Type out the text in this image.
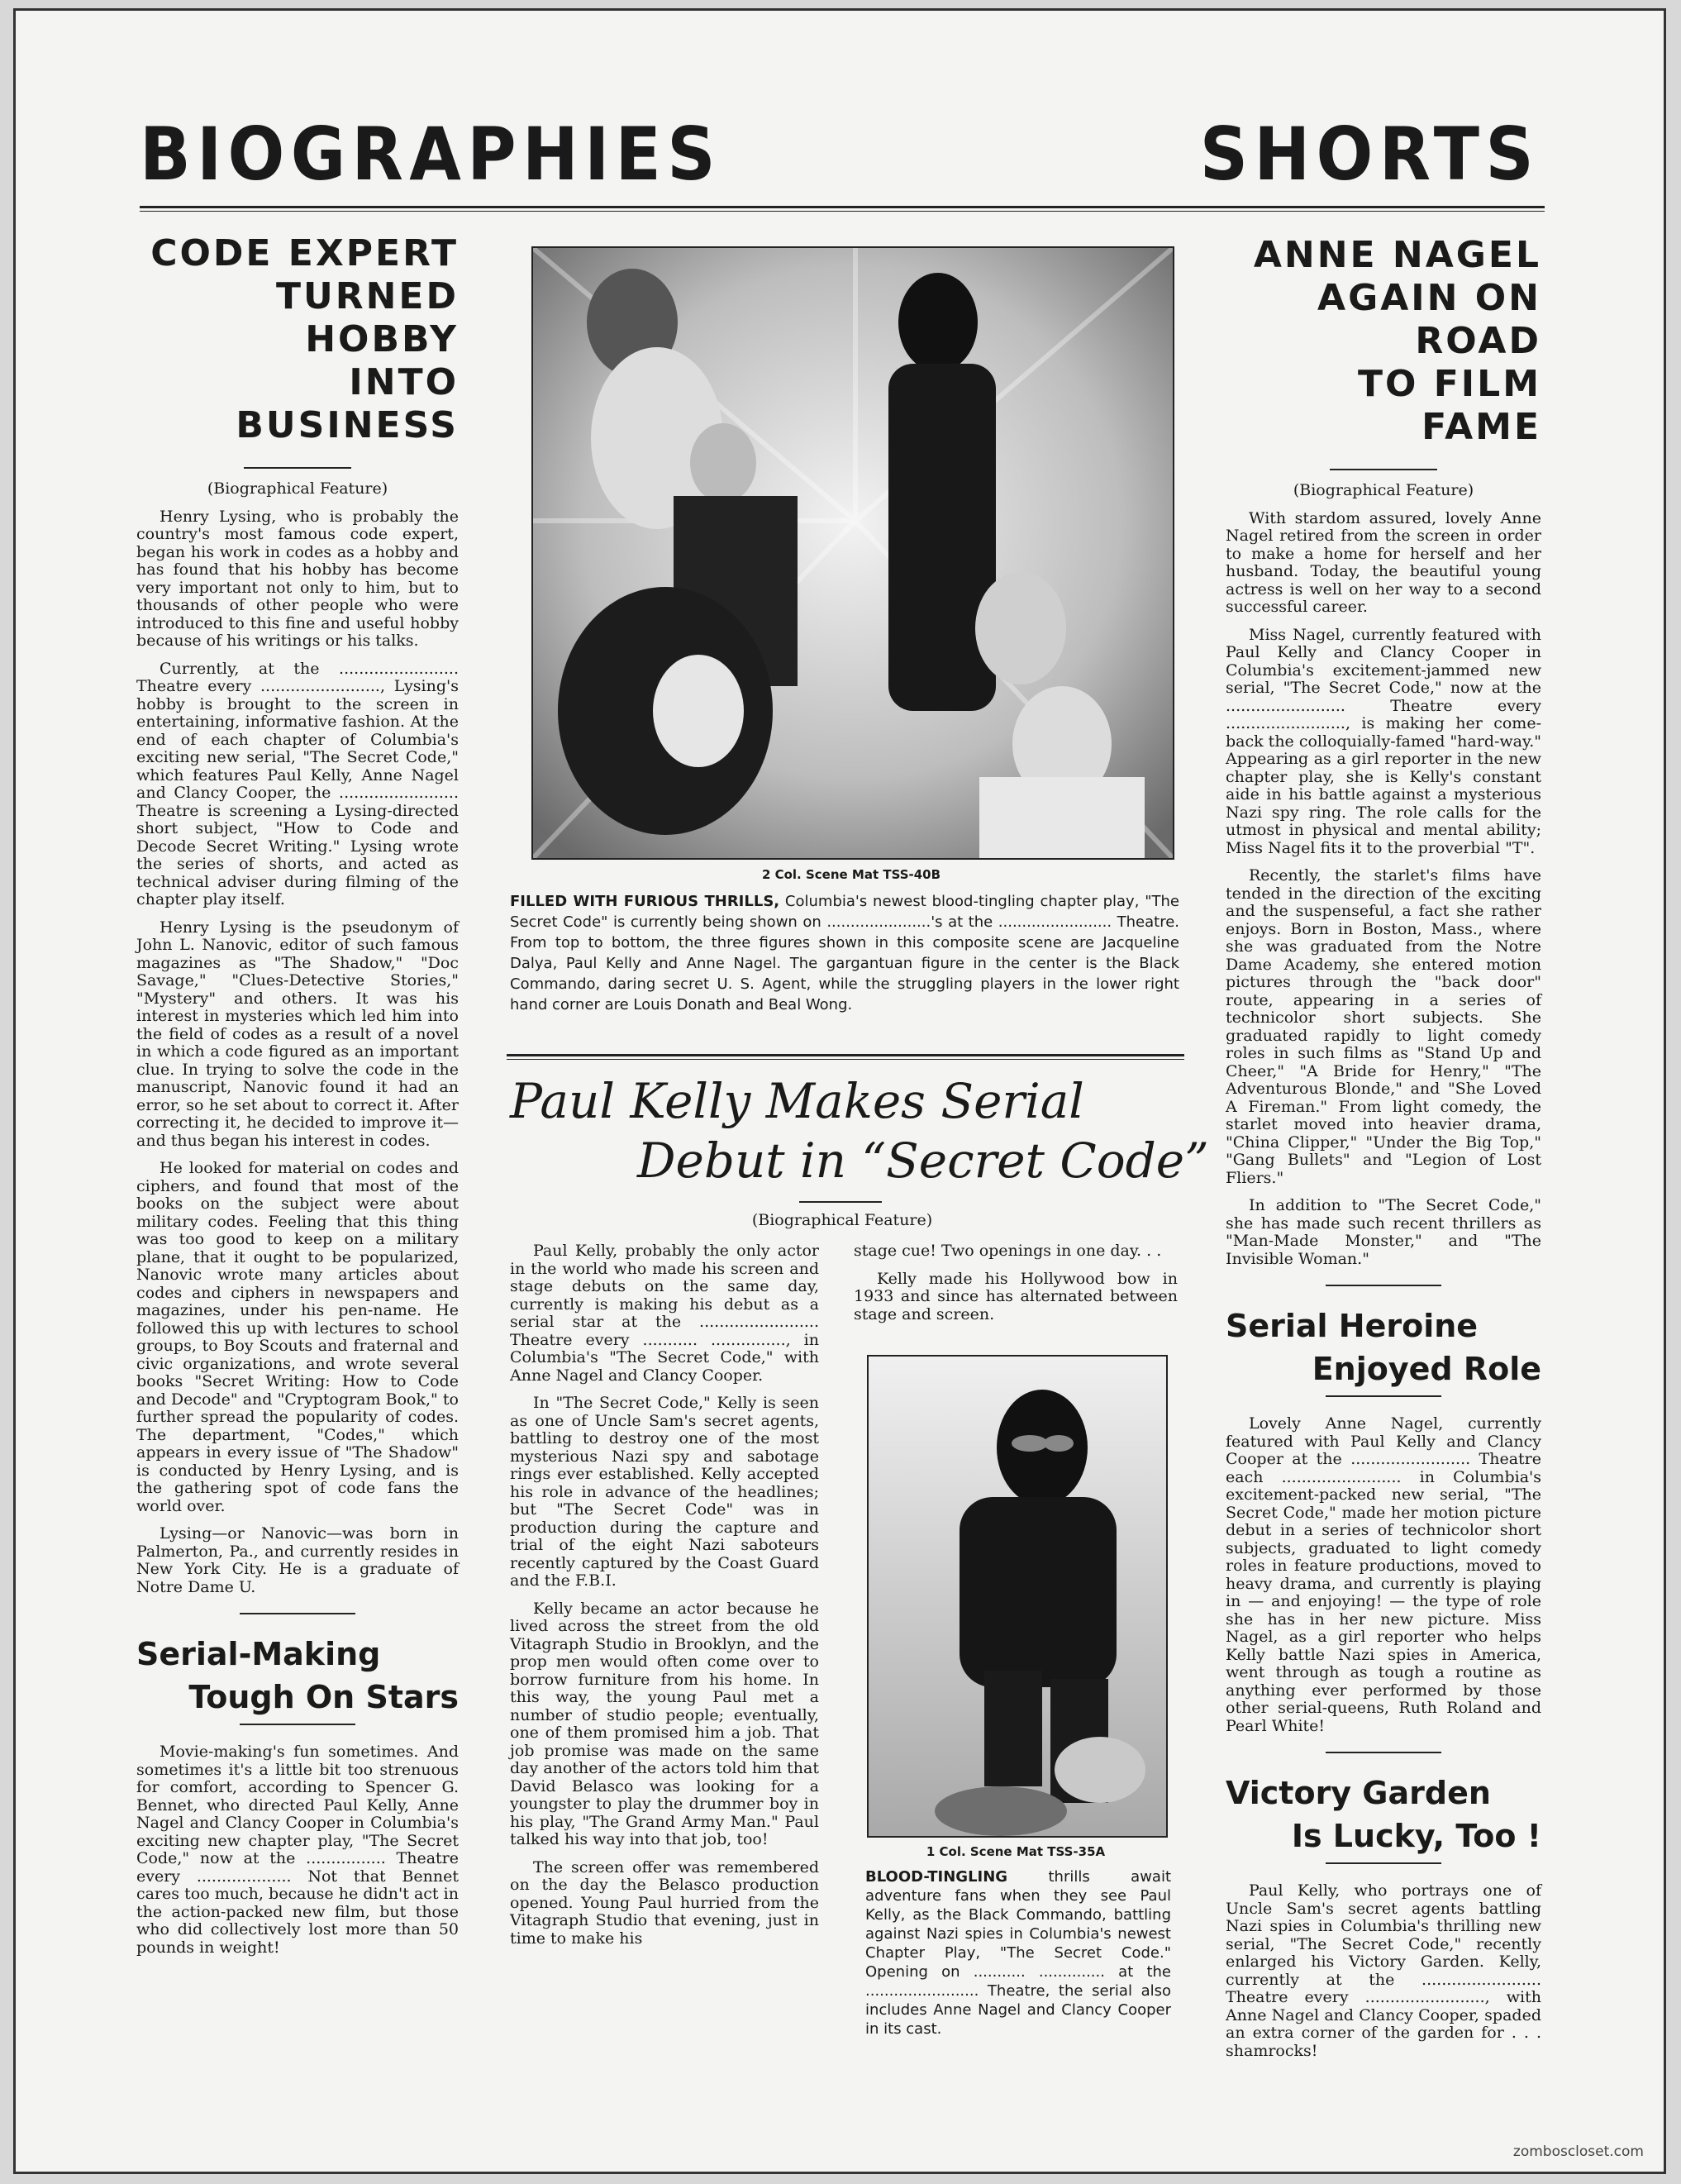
BIOGRAPHIES	SHORTS
CODE EXPERT
TURNED HOBBY
INTO BUSINESS
(Biographical Feature)

Henry Lysing, who is probably the country's most famous code expert, began his work in codes as a hobby and has found that his hobby has become very important not only to him, but to thousands of other people who were introduced to this fine and useful hobby because of his writings or his talks.

Currently, at the ........................ Theatre every ........................, Lysing's hobby is brought to the screen in entertaining, informative fashion. At the end of each chapter of Columbia's exciting new serial, "The Secret Code," which features Paul Kelly, Anne Nagel and Clancy Cooper, the ........................ Theatre is screening a Lysing-directed short subject, "How to Code and Decode Secret Writing." Lysing wrote the series of shorts, and acted as technical adviser during filming of the chapter play itself.

Henry Lysing is the pseudonym of John L. Nanovic, editor of such famous magazines as "The Shadow," "Doc Savage," "Clues-Detective Stories," "Mystery" and others. It was his interest in mysteries which led him into the field of codes as a result of a novel in which a code figured as an important clue. In trying to solve the code in the manuscript, Nanovic found it had an error, so he set about to correct it. After correcting it, he decided to improve it—and thus began his interest in codes.

He looked for material on codes and ciphers, and found that most of the books on the subject were about military codes. Feeling that this thing was too good to keep on a military plane, that it ought to be popularized, Nanovic wrote many articles about codes and ciphers in newspapers and magazines, under his pen-name. He followed this up with lectures to school groups, to Boy Scouts and fraternal and civic organizations, and wrote several books "Secret Writing: How to Code and Decode" and "Cryptogram Book," to further spread the popularity of codes. The department, "Codes," which appears in every issue of "The Shadow" is conducted by Henry Lysing, and is the gathering spot of code fans the world over.

Lysing—or Nanovic—was born in Palmerton, Pa., and currently resides in New York City. He is a graduate of Notre Dame U.

Serial-Making
Tough On Stars

Movie-making's fun sometimes. And sometimes it's a little bit too strenuous for comfort, according to Spencer G. Bennet, who directed Paul Kelly, Anne Nagel and Clancy Cooper in Columbia's exciting new chapter play, "The Secret Code," now at the ................ Theatre every ................... Not that Bennet cares too much, because he didn't act in the action-packed new film, but those who did collectively lost more than 50 pounds in weight!

2 Col. Scene Mat TSS-40B
FILLED WITH FURIOUS THRILLS, Columbia's newest blood-tingling chapter play, "The Secret Code" is currently being shown on ......................'s at the ........................ Theatre. From top to bottom, the three figures shown in this composite scene are Jacqueline Dalya, Paul Kelly and Anne Nagel. The gargantuan figure in the center is the Black Commando, daring secret U. S. Agent, while the struggling players in the lower right hand corner are Louis Donath and Beal Wong.
Paul Kelly Makes Serial
Debut in “Secret Code”
(Biographical Feature)

Paul Kelly, probably the only actor in the world who made his screen and stage debuts on the same day, currently is making his debut as a serial star at the ........................ Theatre every ........... ..............., in Columbia's "The Secret Code," with Anne Nagel and Clancy Cooper.

In "The Secret Code," Kelly is seen as one of Uncle Sam's secret agents, battling to destroy one of the most mysterious Nazi spy and sabotage rings ever established. Kelly accepted his role in advance of the headlines; but "The Secret Code" was in production during the capture and trial of the eight Nazi saboteurs recently captured by the Coast Guard and the F.B.I.

Kelly became an actor because he lived across the street from the old Vitagraph Studio in Brooklyn, and the prop men would often come over to borrow furniture from his home. In this way, the young Paul met a number of studio people; eventually, one of them promised him a job. That job promise was made on the same day another of the actors told him that David Belasco was looking for a youngster to play the drummer boy in his play, "The Grand Army Man." Paul talked his way into that job, too!

The screen offer was remembered on the day the Belasco production opened. Young Paul hurried from the Vitagraph Studio that evening, just in time to make his

stage cue! Two openings in one day. . .

Kelly made his Hollywood bow in 1933 and since has alternated between stage and screen.

1 Col. Scene Mat TSS-35A
BLOOD-TINGLING thrills await adventure fans when they see Paul Kelly, as the Black Commando, battling against Nazi spies in Columbia's newest Chapter Play, "The Secret Code." Opening on ........... .............. at the ........................ Theatre, the serial also includes Anne Nagel and Clancy Cooper in its cast.
ANNE NAGEL
AGAIN ON ROAD
TO FILM FAME
(Biographical Feature)

With stardom assured, lovely Anne Nagel retired from the screen in order to make a home for herself and her husband. Today, the beautiful young actress is well on her way to a second successful career.

Miss Nagel, currently featured with Paul Kelly and Clancy Cooper in Columbia's excitement-jammed new serial, "The Secret Code," now at the ........................ Theatre every ........................, is making her come-back the colloquially-famed "hard-way." Appearing as a girl reporter in the new chapter play, she is Kelly's constant aide in his battle against a mysterious Nazi spy ring. The role calls for the utmost in physical and mental ability; Miss Nagel fits it to the proverbial "T".

Recently, the starlet's films have tended in the direction of the exciting and the suspenseful, a fact she rather enjoys. Born in Boston, Mass., where she was graduated from the Notre Dame Academy, she entered motion pictures through the "back door" route, appearing in a series of technicolor short subjects. She graduated rapidly to light comedy roles in such films as "Stand Up and Cheer," "A Bride for Henry," "The Adventurous Blonde," and "She Loved A Fireman." From light comedy, the starlet moved into heavier drama, "China Clipper," "Under the Big Top," "Gang Bullets" and "Legion of Lost Fliers."

In addition to "The Secret Code," she has made such recent thrillers as "Man-Made Monster," and "The Invisible Woman."

Serial Heroine
Enjoyed Role

Lovely Anne Nagel, currently featured with Paul Kelly and Clancy Cooper at the ........................ Theatre each ........................ in Columbia's excitement-packed new serial, "The Secret Code," made her motion picture debut in a series of technicolor short subjects, graduated to light comedy roles in feature productions, moved to heavy drama, and currently is playing in — and enjoying! — the type of role she has in her new picture. Miss Nagel, as a girl reporter who helps Kelly battle Nazi spies in America, went through as tough a routine as anything ever performed by those other serial-queens, Ruth Roland and Pearl White!

Victory Garden
Is Lucky, Too !

Paul Kelly, who portrays one of Uncle Sam's secret agents battling Nazi spies in Columbia's thrilling new serial, "The Secret Code," recently enlarged his Victory Garden. Kelly, currently at the ........................ Theatre every ........................, with Anne Nagel and Clancy Cooper, spaded an extra corner of the garden for . . . shamrocks!

zomboscloset.com
